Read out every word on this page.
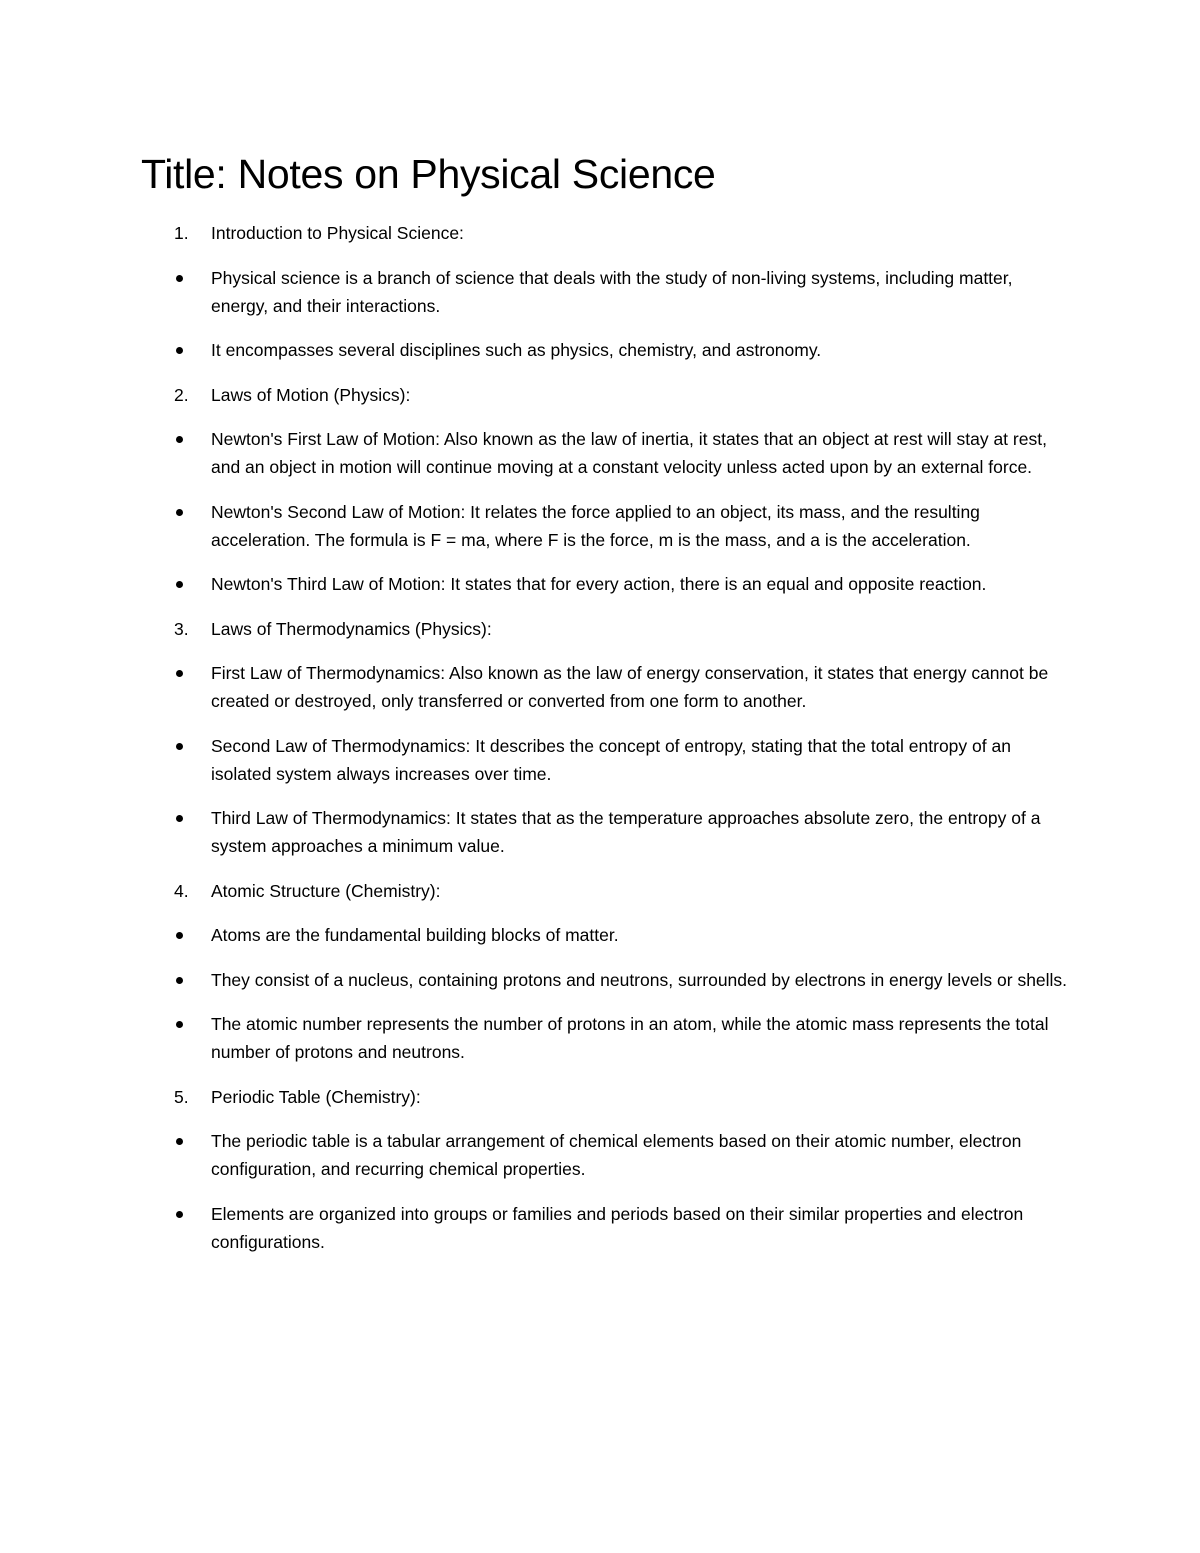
Title: Notes on Physical Science
1. Introduction to Physical Science:
Physical science is a branch of science that deals with the study of non-living systems, including matter, energy, and their interactions.
It encompasses several disciplines such as physics, chemistry, and astronomy.
2. Laws of Motion (Physics):
Newton's First Law of Motion: Also known as the law of inertia, it states that an object at rest will stay at rest, and an object in motion will continue moving at a constant velocity unless acted upon by an external force.
Newton's Second Law of Motion: It relates the force applied to an object, its mass, and the resulting acceleration. The formula is F = ma, where F is the force, m is the mass, and a is the acceleration.
Newton's Third Law of Motion: It states that for every action, there is an equal and opposite reaction.
3. Laws of Thermodynamics (Physics):
First Law of Thermodynamics: Also known as the law of energy conservation, it states that energy cannot be created or destroyed, only transferred or converted from one form to another.
Second Law of Thermodynamics: It describes the concept of entropy, stating that the total entropy of an isolated system always increases over time.
Third Law of Thermodynamics: It states that as the temperature approaches absolute zero, the entropy of a system approaches a minimum value.
4. Atomic Structure (Chemistry):
Atoms are the fundamental building blocks of matter.
They consist of a nucleus, containing protons and neutrons, surrounded by electrons in energy levels or shells.
The atomic number represents the number of protons in an atom, while the atomic mass represents the total number of protons and neutrons.
5. Periodic Table (Chemistry):
The periodic table is a tabular arrangement of chemical elements based on their atomic number, electron configuration, and recurring chemical properties.
Elements are organized into groups or families and periods based on their similar properties and electron configurations.
